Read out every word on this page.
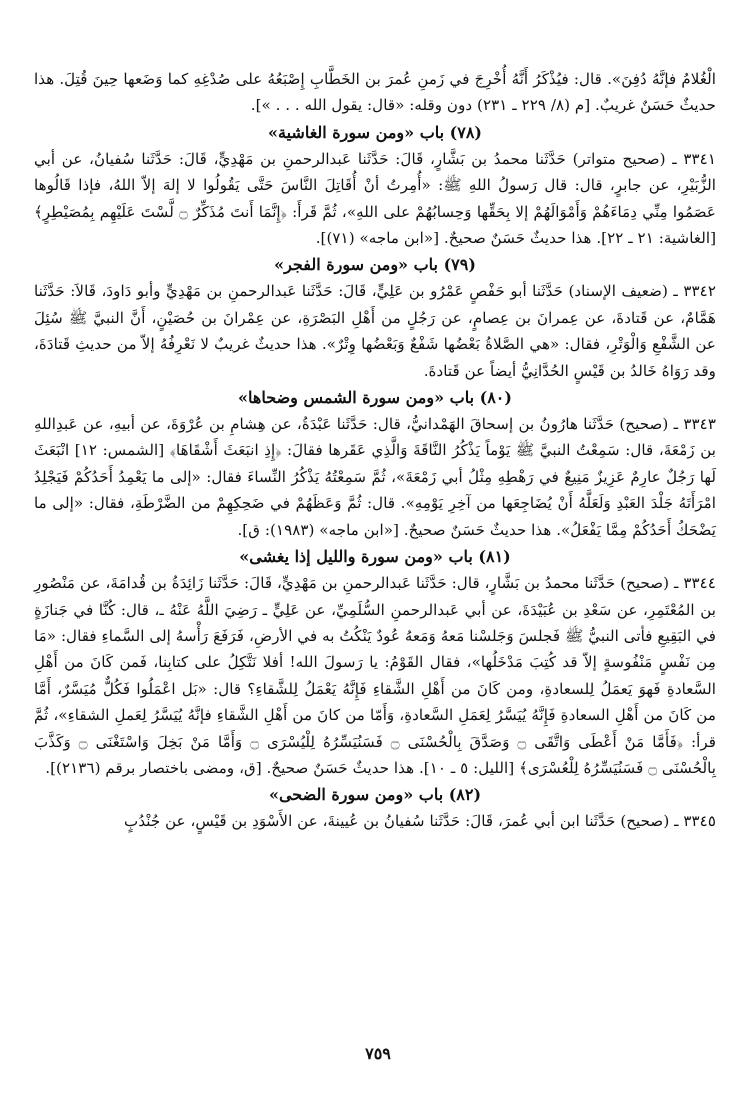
الْغُلامُ فإنَّهُ دُفِنَ». قال: فيُذْكَرُ أَنَّهُ أُخْرِجَ في زَمنِ عُمرَ بن الخَطَّابِ إِصْبَعُهُ على صُدْغِهِ كما وَضَعها حِينَ قُتِلَ. هذا حديثٌ حَسَنٌ غريبٌ. [م (٨/ ٢٢٩ ـ ٢٣١) دون وقله: «قال: يقول الله . . . »].

(٧٨) باب «ومن سورة الغاشية»

٣٣٤١ ـ (صحيح متواتر) حَدَّثَنا محمدُ بن بَشَّارٍ، قَالَ: حَدَّثَنا عَبدالرحمنِ بن مَهْدِيٍّ، قَالَ: حَدَّثَنا سُفيانُ، عن أبي الزُّبَيْرِ، عن جابرٍ، قال: قال رَسولُ اللهِ ﷺ: «أُمِرتُ أنْ أُقَاتِلَ النَّاسَ حَتَّى يَقُولُوا لا إلهَ إلاّ اللهُ، فإذا قَالُوها عَصَمُوا مِنِّي دِمَاءَهُمْ وَأَمْوَالَهُمْ إلا بِحَقِّها وَحِسابُهُمْ على اللهِ»، ثُمَّ قَرأَ: ﴿إِنَّمَا أَنتَ مُذَكِّرٌ ۝ لَّسْتَ عَلَيْهِم بِمُصَيْطِرٍ﴾ [الغاشية: ٢١ ـ ٢٢]. هذا حديثٌ حَسَنٌ صحيحٌ. [«ابن ماجه» (٧١)].

(٧٩) باب «ومن سورة الفجر»

٣٣٤٢ ـ (ضعيف الإسناد) حَدَّثَنا أبو حَفْصٍ عَمْرُو بن عَلِيٍّ، قَالَ: حَدَّثَنا عَبدالرحمنِ بن مَهْدِيٍّ وأبو دَاودَ، قَالاَ: حَدَّثَنا هَمَّامٌ، عن قَتادةَ، عن عِمرانَ بن عِصامٍ، عن رَجُلٍ من أَهْلِ البَصْرَةِ، عن عِمْرانَ بن حُصَيْنٍ، أَنَّ النبيَّ ﷺ سُئِلَ عن الشَّفْعِ وَالْوَتْرِ، فقال: «هي الصَّلاةُ بَعْضُها شَفْعٌ وَبَعْضُها وِتْرٌ». هذا حديثٌ غريبٌ لا نَعْرِفُهُ إلاّ من حديثِ قَتادَةَ، وقد رَوَاهُ خَالدُ بن قَيْسٍ الحُدَّانِيُّ أيضاً عن قَتادةَ.

(٨٠) باب «ومن سورة الشمس وضحاها»

٣٣٤٣ ـ (صحيح) حَدَّثَنا هارُونُ بن إسحاقَ الهَمْدانيُّ، قال: حَدَّثَنا عَبْدَةُ، عن هِشامِ بن عُرْوَةَ، عن أبيهِ، عن عَبدِاللهِ بن زَمْعَةَ، قال: سَمِعْتُ النبيَّ ﷺ يَوْماً يَذْكُرُ النَّاقَةَ وَالَّذِي عَقَرها فقالَ: ﴿إِذِ انبَعَثَ أَشْقَاهَا﴾ [الشمس: ١٢] انْبَعَثَ لَها رَجُلٌ عارِمٌ عَزِيزٌ مَنِيعٌ في رَهْطِهِ مِثْلُ أبي زَمْعَةَ»، ثُمَّ سَمِعْتُهُ يَذْكُرُ النِّساءَ فقال: «إلى ما يَعْمِدُ أَحَدُكُمْ فَيَجْلِدُ امْرَأَتَهُ جَلْدَ العَبْدِ وَلَعَلَّهُ أَنْ يُضَاجِعَها من آخِرِ يَوْمِهِ». قال: ثُمَّ وَعَظَهُمْ في ضَحِكِهِمْ من الضَّرْطَةِ، فقال: «إلى ما يَضْحَكُ أَحَدُكُمْ مِمَّا يَفْعَلُ». هذا حديثٌ حَسَنٌ صحيحٌ. [«ابن ماجه» (١٩٨٣): ق].

(٨١) باب «ومن سورة والليل إذا يغشى»

٣٣٤٤ ـ (صحيح) حَدَّثَنا محمدُ بن بَشَّارٍ، قال: حَدَّثَنا عَبدالرحمنِ بن مَهْدِيٍّ، قَالَ: حَدَّثَنا زَائِدَةُ بن قُدامَةَ، عن مَنْصُورِ بن المُعْتَمِرِ، عن سَعْدِ بن عُبَيْدَةَ، عن أبي عَبدالرحمنِ السُّلَمِيِّ، عن عَلِيٍّ ـ رَضِيَ اللَّهُ عَنْهُ ـ، قال: كُنَّا في جَنازَةٍ في البَقِيعِ فأتى النبيُّ ﷺ فَجلسَ وَجَلسْنا مَعهُ وَمَعهُ عُودٌ يَنْكُتُ به في الأرضِ، فَرَفَعَ رَأْسهُ إلى السَّماءِ فقال: «مَا مِن نَفْسٍ مَنْفُوسةٍ إلاّ قد كُتِبَ مَدْخَلُها»، فقال القَوْمُ: يا رَسولَ الله! أفلا نَتَّكِلُ على كتابِنا، فَمن كَانَ من أَهْلِ السَّعادةِ فَهوَ يَعمَلُ لِلسعادةِ، ومن كَانَ من أَهْلِ الشَّقاءِ فَإِنَّهُ يَعْمَلُ لِلشَّقاءِ؟ قال: «بَل اعْمَلُوا فَكُلٌّ مُيَسَّرٌ، أَمَّا من كَانَ من أَهْلِ السعادةِ فَإِنَّهُ يُيَسَّرُ لِعَمَلِ السَّعادةِ، وَأَمّا من كانَ من أَهْلِ الشَّقاءِ فإنَّهُ يُيَسَّرُ لِعَملِ الشقاءِ»، ثُمَّ قرأ: ﴿فَأَمَّا مَنْ أَعْطَى وَاتَّقَى ۝ وَصَدَّقَ بِالْحُسْنَى ۝ فَسَنُيَسِّرُهُ لِلْيُسْرَى ۝ وَأَمَّا مَنْ بَخِلَ وَاسْتَغْنَى ۝ وَكَذَّبَ بِالْحُسْنَى ۝ فَسَنُيَسِّرُهُ لِلْعُسْرَى﴾ [الليل: ٥ ـ ١٠]. هذا حديثٌ حَسَنٌ صحيحٌ. [ق، ومضى باختصار برقم (٢١٣٦)].

(٨٢) باب «ومن سورة الضحى»

٣٣٤٥ ـ (صحيح) حَدَّثَنا ابن أبي عُمرَ، قَالَ: حَدَّثَنا سُفيانُ بن عُيينةَ، عن الأَسْوَدِ بن قَيْسٍ، عن جُنْدُبٍ

٧٥٩
